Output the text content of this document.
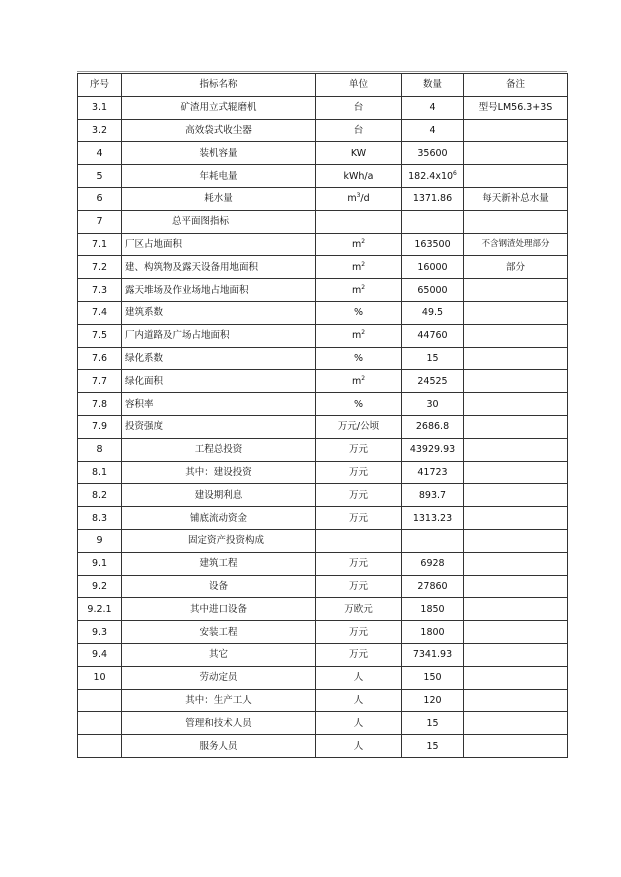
序号	指标名称	单位	数量	备注
3.1	矿渣用立式辊磨机	台	4	型号LM56.3+3S
3.2	高效袋式收尘器	台	4	
4	装机容量	KW	35600	
5	年耗电量	kWh/a	$182.4x10^6$	
6	耗水量	$m^3/d$	1371.86	每天新补总水量
7	总平面图指标			
7.1	厂区占地面积	$m^2$	163500	不含钢渣处理部分
7.2	建、构筑物及露天设备用地面积	$m^2$	16000	部分
7.3	露天堆场及作业场地占地面积	$m^2$	65000	
7.4	建筑系数	%	49.5	
7.5	厂内道路及广场占地面积	$m^2$	44760	
7.6	绿化系数	%	15	
7.7	绿化面积	$m^2$	24525	
7.8	容积率	%	30	
7.9	投资强度	万元/公顷	2686.8	
8	工程总投资	万元	43929.93	
8.1	其中：建设投资	万元	41723	
8.2	建设期利息	万元	893.7	
8.3	铺底流动资金	万元	1313.23	
9	固定资产投资构成			
9.1	建筑工程	万元	6928	
9.2	设备	万元	27860	
9.2.1	其中进口设备	万欧元	1850	
9.3	安装工程	万元	1800	
9.4	其它	万元	7341.93	
10	劳动定员	人	150	
	其中：生产工人	人	120	
	管理和技术人员	人	15	
	服务人员	人	15	
